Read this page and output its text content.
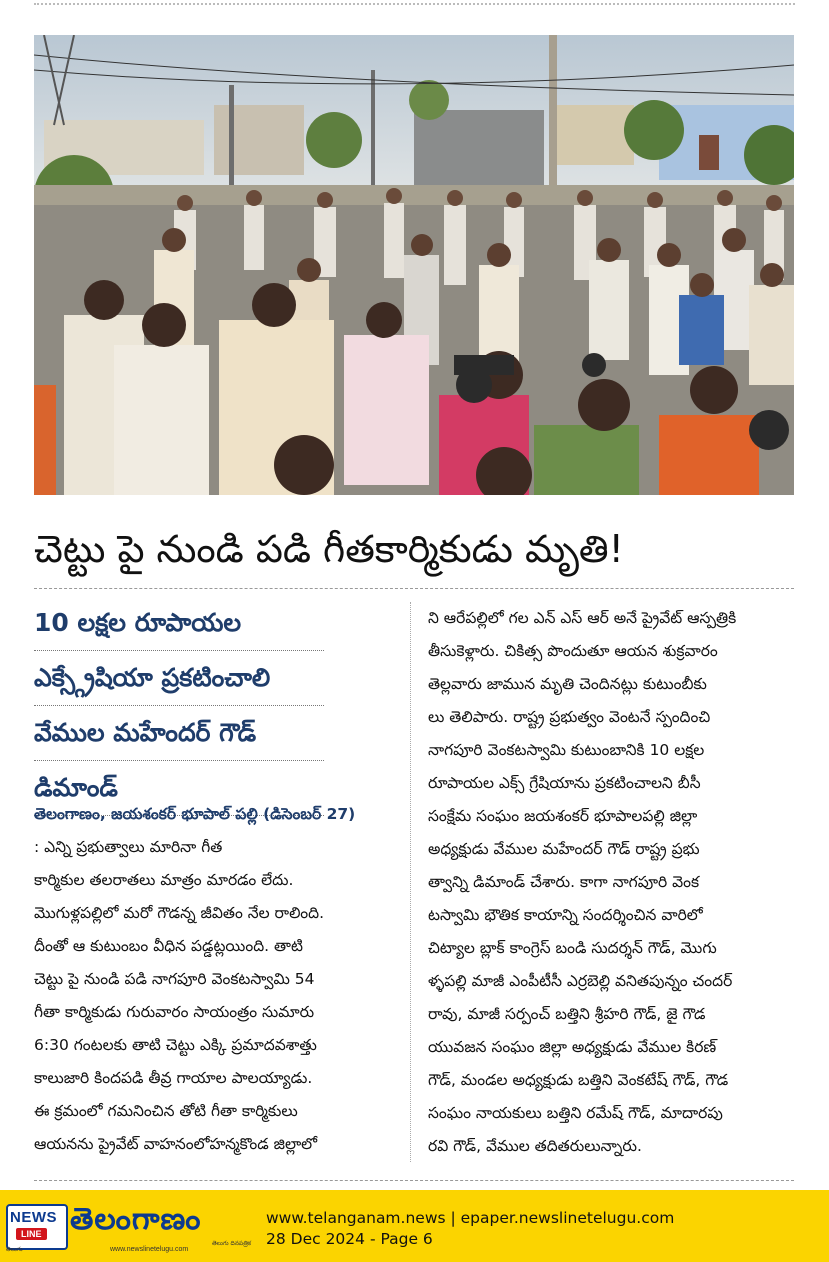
చెట్టు పై నుండి పడి గీతకార్మికుడు మృతి!
10 లక్షల రూపాయల
ఎక్స్గ్రేషియా ప్రకటించాలి
వేముల మహేందర్ గౌడ్
డిమాండ్
తెలంగాణం, జయశంకర్ భూపాల్ పల్లి (డిసెంబర్ 27)
: ఎన్ని ప్రభుత్వాలు మారినా గీత
కార్మికుల తలరాతలు మాత్రం మారడం లేదు.
మొగుళ్లపల్లిలో మరో గౌడన్న జీవితం నేల రాలింది.
దీంతో ఆ కుటుంబం వీధిన పడ్డట్లయింది. తాటి
చెట్టు పై నుండి పడి నాగపూరి వెంకటస్వామి 54
గీతా కార్మికుడు గురువారం సాయంత్రం సుమారు
6:30 గంటలకు తాటి చెట్టు ఎక్కి ప్రమాదవశాత్తు
కాలుజారి కిందపడి తీవ్ర గాయాల పాలయ్యాడు.
ఈ క్రమంలో గమనించిన తోటి గీతా కార్మికులు
ఆయనను ప్రైవేట్ వాహనంలోహన్మకొండ జిల్లాలో
ని ఆరేపల్లిలో గల ఎన్ ఎస్ ఆర్ అనే ప్రైవేట్ ఆస్పత్రికి
తీసుకెళ్లారు. చికిత్స పొందుతూ ఆయన శుక్రవారం
తెల్లవారు జామున మృతి చెందినట్లు కుటుంబీకు
లు తెలిపారు. రాష్ట్ర ప్రభుత్వం వెంటనే స్పందించి
నాగపూరి వెంకటస్వామి కుటుంబానికి 10 లక్షల
రూపాయల ఎక్స్ గ్రేషియాను ప్రకటించాలని బీసీ
సంక్షేమ సంఘం జయశంకర్ భూపాలపల్లి జిల్లా
అధ్యక్షుడు వేముల మహేందర్ గౌడ్ రాష్ట్ర ప్రభు
త్వాన్ని డిమాండ్ చేశారు. కాగా నాగపూరి వెంక
టస్వామి భౌతిక కాయాన్ని సందర్శించిన వారిలో
చిట్యాల బ్లాక్ కాంగ్రెస్ బండి సుదర్శన్ గౌడ్, మొగు
ళ్ళపల్లి మాజీ ఎంపీటీసీ ఎర్రబెల్లి వనితపున్నం చందర్
రావు, మాజీ సర్పంచ్ బత్తిని శ్రీహరి గౌడ్, జై గౌడ
యువజన సంఘం జిల్లా అధ్యక్షుడు వేముల కిరణ్
గౌడ్, మండల అధ్యక్షుడు బత్తిని వెంకటేష్ గౌడ్, గౌడ
సంఘం నాయకులు బత్తిని రమేష్ గౌడ్, మాదారపు
రవి గౌడ్, వేముల తదితరులున్నారు.
NEWS
LINE
తెలుగు
తెలంగాణం
తెలుగు దినపత్రిక
www.newslinetelugu.com
www.telanganam.news | epaper.newslinetelugu.com
28 Dec 2024 - Page 6
